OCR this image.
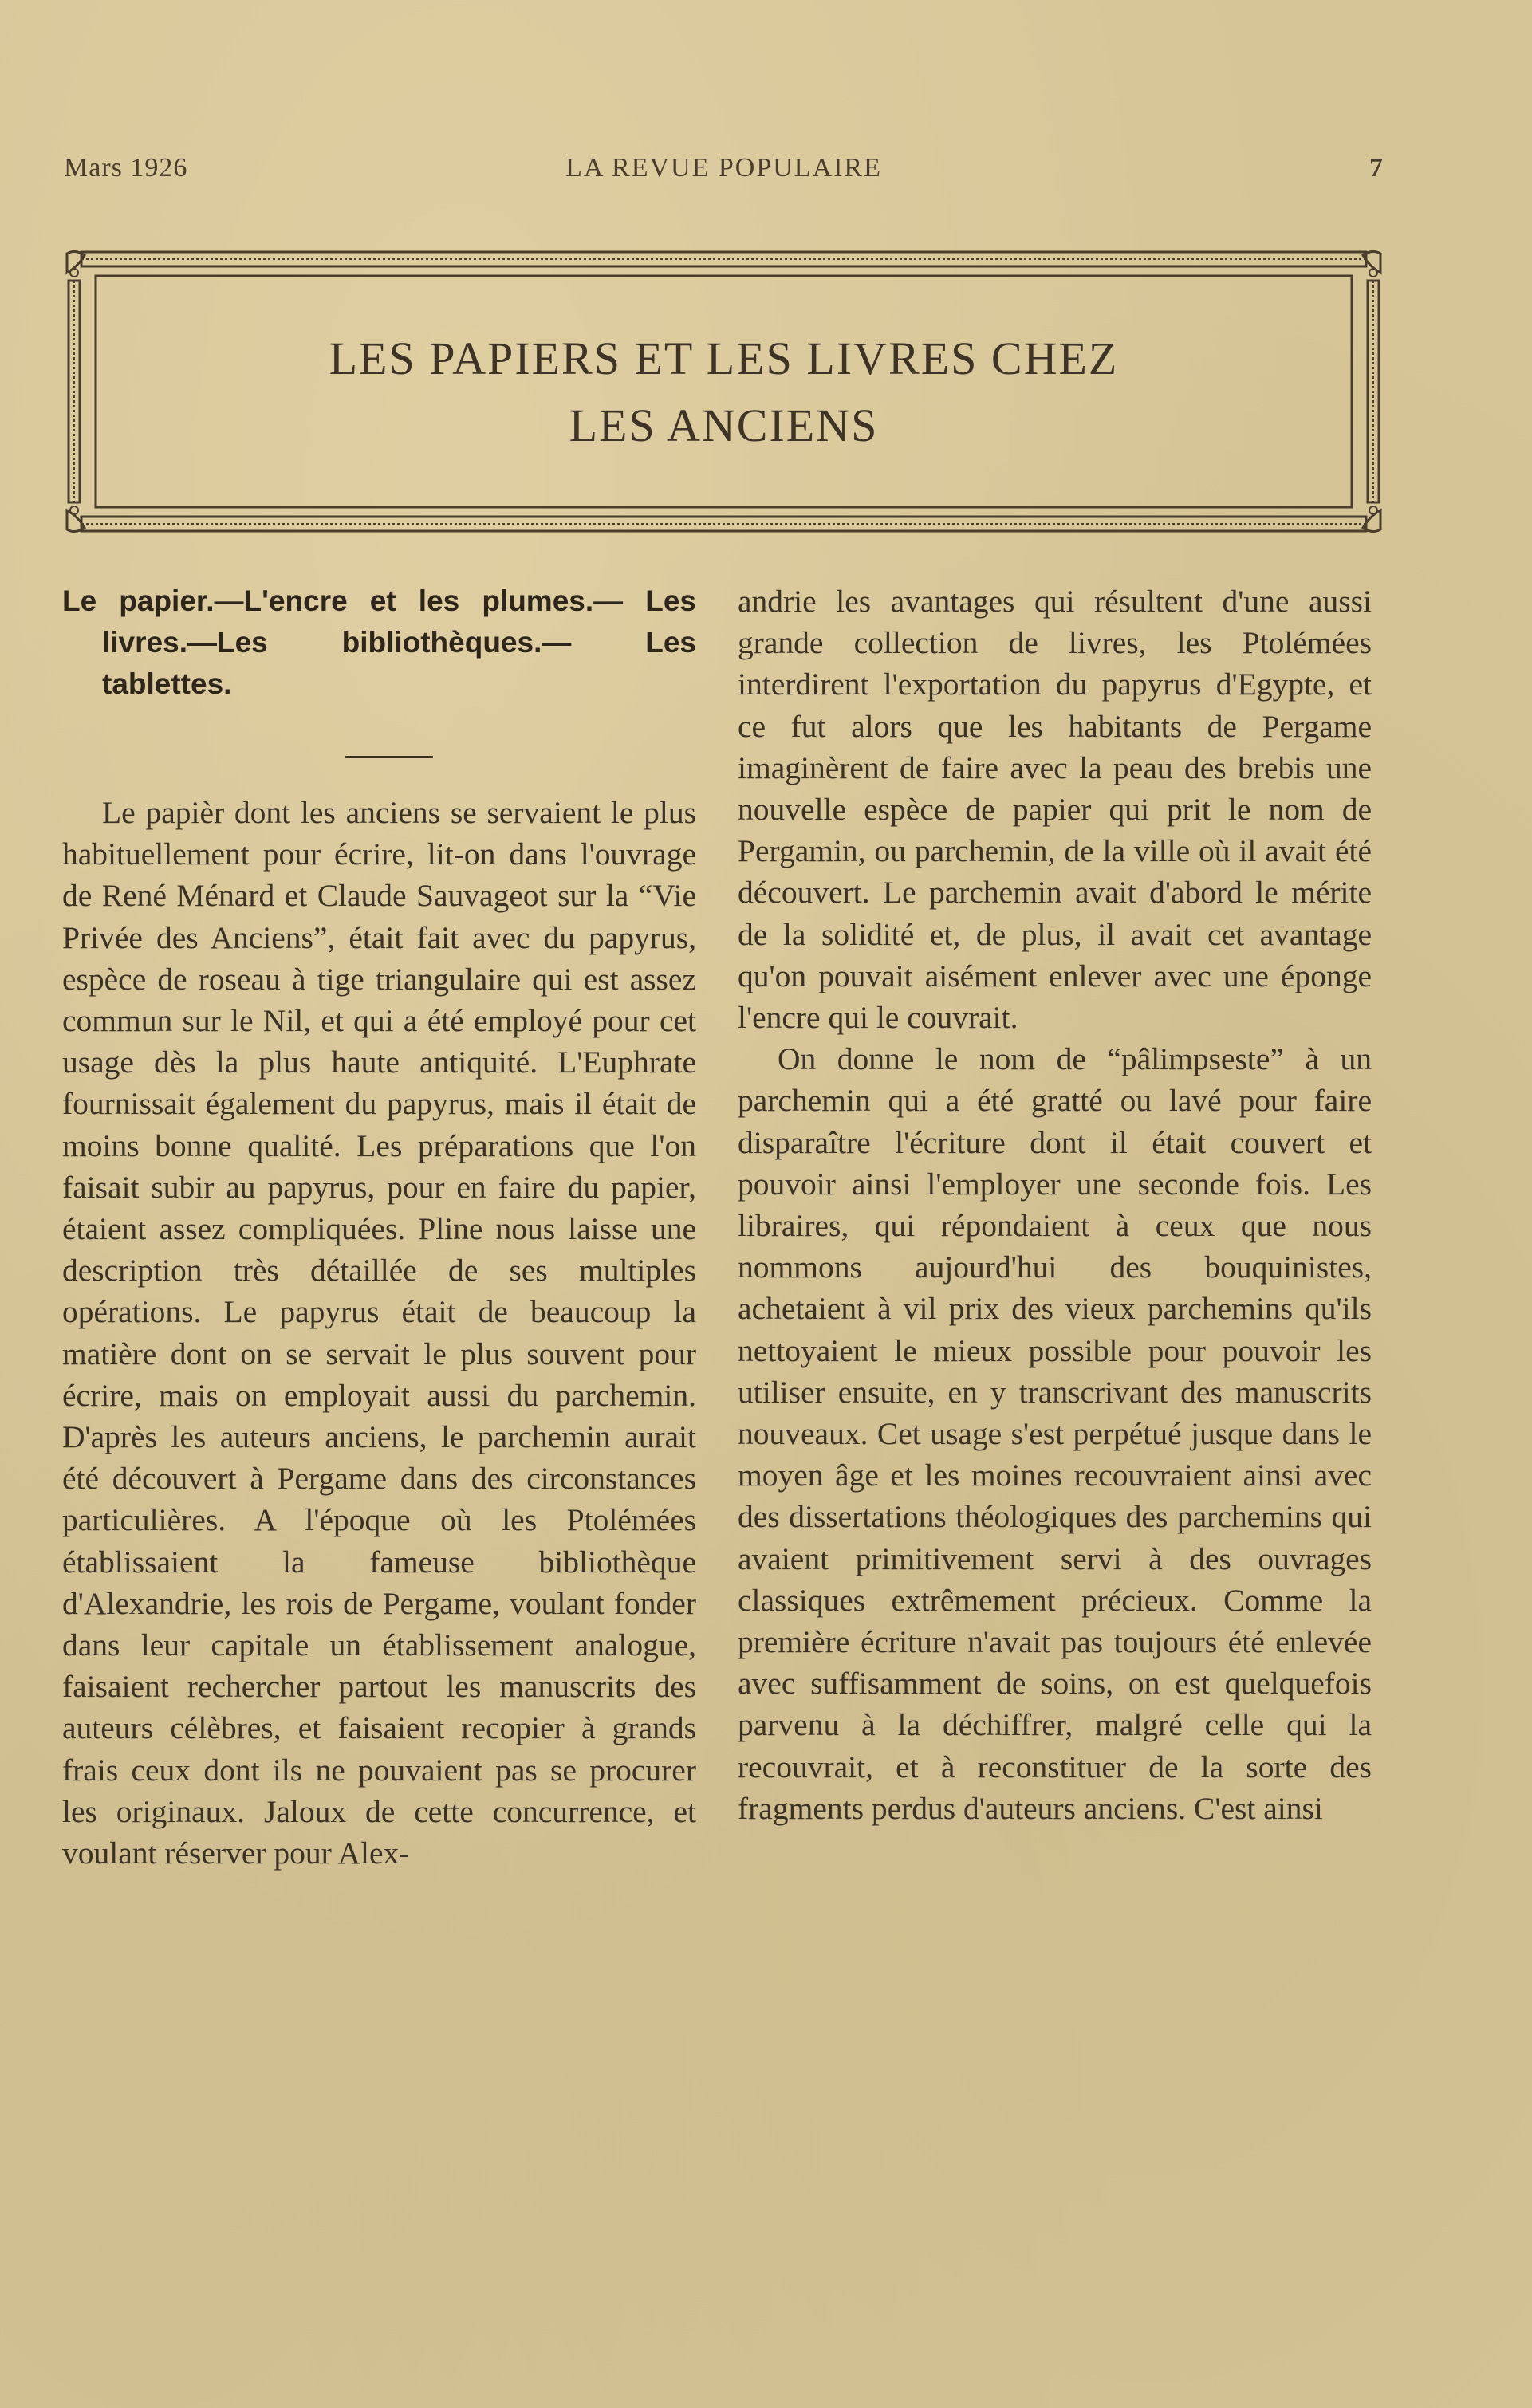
Mars 1926	LA REVUE POPULAIRE	7
LES PAPIERS ET LES LIVRES CHEZ
LES ANCIENS

Le papier.—L'encre et les plumes.— Les livres.—Les bibliothèques.— Les tablettes.

Le papièr dont les anciens se servaient le plus habituellement pour écrire, lit-on dans l'ouvrage de René Ménard et Claude Sauvageot sur la “Vie Privée des Anciens”, était fait avec du papyrus, espèce de roseau à tige triangulaire qui est assez commun sur le Nil, et qui a été employé pour cet usage dès la plus haute antiquité. L'Euphrate fournissait également du papyrus, mais il était de moins bonne qualité. Les préparations que l'on faisait subir au papyrus, pour en faire du papier, étaient assez compliquées. Pline nous laisse une description très détaillée de ses multiples opérations. Le papyrus était de beaucoup la matière dont on se servait le plus souvent pour écrire, mais on employait aussi du parchemin. D'après les auteurs anciens, le parchemin aurait été découvert à Pergame dans des circonstances particulières. A l'époque où les Ptolémées établissaient la fameuse bibliothèque d'Alexandrie, les rois de Pergame, voulant fonder dans leur capitale un établissement analogue, faisaient rechercher partout les manuscrits des auteurs célèbres, et faisaient recopier à grands frais ceux dont ils ne pouvaient pas se procurer les originaux. Jaloux de cette concurrence, et voulant réserver pour Alex-

andrie les avantages qui résultent d'une aussi grande collection de livres, les Ptolémées interdirent l'exportation du papyrus d'Egypte, et ce fut alors que les habitants de Pergame imaginèrent de faire avec la peau des brebis une nouvelle espèce de papier qui prit le nom de Pergamin, ou parchemin, de la ville où il avait été découvert. Le parchemin avait d'abord le mérite de la solidité et, de plus, il avait cet avantage qu'on pouvait aisément enlever avec une éponge l'encre qui le couvrait.

On donne le nom de “pâlimpseste” à un parchemin qui a été gratté ou lavé pour faire disparaître l'écriture dont il était couvert et pouvoir ainsi l'employer une seconde fois. Les libraires, qui répondaient à ceux que nous nommons aujourd'hui des bouquinistes, achetaient à vil prix des vieux parchemins qu'ils nettoyaient le mieux possible pour pouvoir les utiliser ensuite, en y transcrivant des manuscrits nouveaux. Cet usage s'est perpétué jusque dans le moyen âge et les moines recouvraient ainsi avec des dissertations théologiques des parchemins qui avaient primitivement servi à des ouvrages classiques extrêmement précieux. Comme la première écriture n'avait pas toujours été enlevée avec suffisamment de soins, on est quelquefois parvenu à la déchiffrer, malgré celle qui la recouvrait, et à reconstituer de la sorte des fragments perdus d'auteurs anciens. C'est ainsi
